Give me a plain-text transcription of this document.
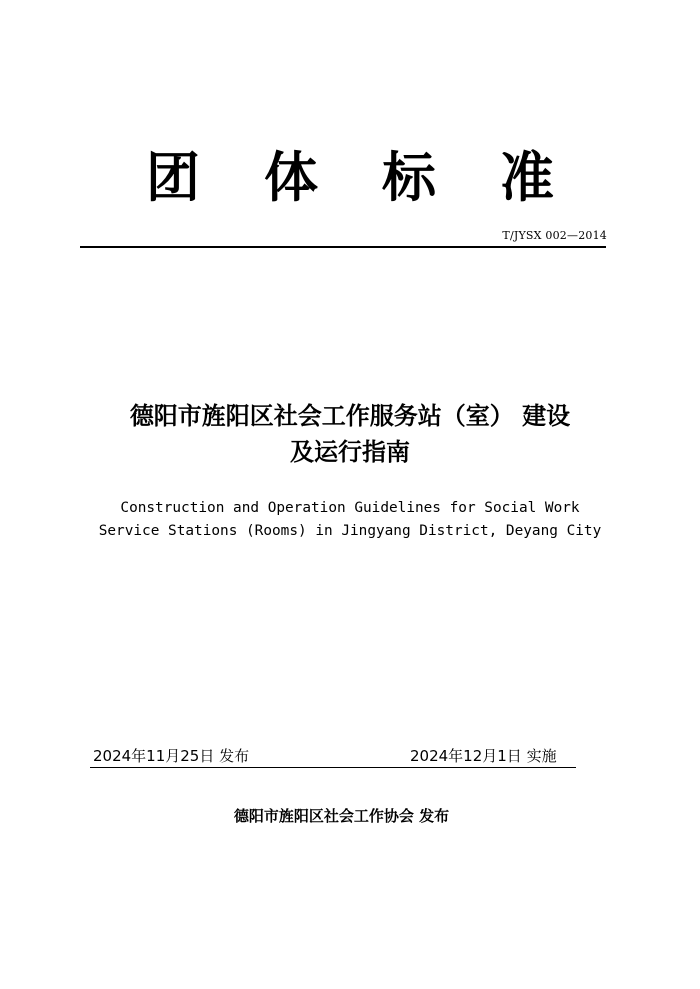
团	体	标	准
T/JYSX 002—2014
德阳市旌阳区社会工作服务站（室） 建设
及运行指南
Construction and Operation Guidelines for Social Work
Service Stations (Rooms) in Jingyang District, Deyang City
2024年11月25日 发布	2024年12月1日 实施
德阳市旌阳区社会工作协会 发布
